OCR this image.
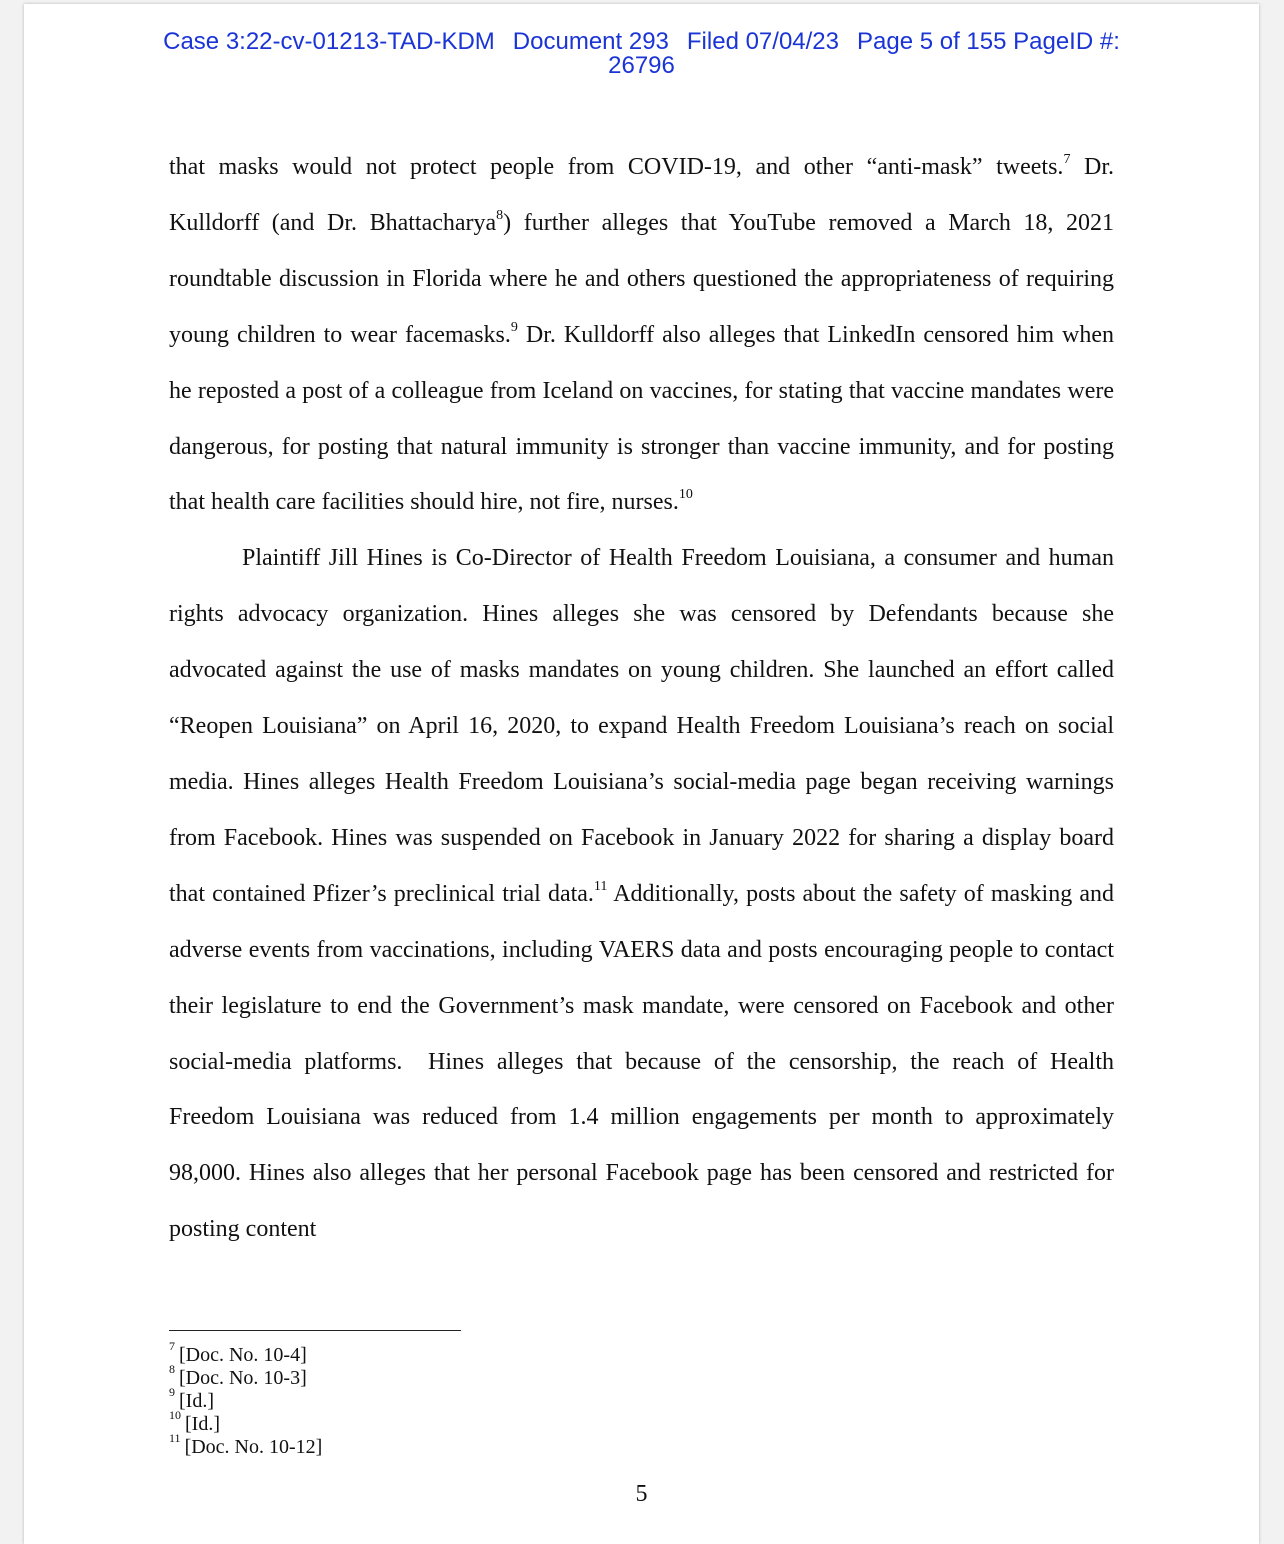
Case 3:22-cv-01213-TAD-KDM Document 293 Filed 07/04/23 Page 5 of 155 PageID #:
26796

that masks would not protect people from COVID-19, and other “anti-mask” tweets.$^7$ Dr. Kulldorff (and Dr. Bhattacharya$^8$) further alleges that YouTube removed a March 18, 2021 roundtable discussion in Florida where he and others questioned the appropriateness of requiring young children to wear facemasks.$^9$ Dr. Kulldorff also alleges that LinkedIn censored him when he reposted a post of a colleague from Iceland on vaccines, for stating that vaccine mandates were dangerous, for posting that natural immunity is stronger than vaccine immunity, and for posting that health care facilities should hire, not fire, nurses.$^{10}$

Plaintiff Jill Hines is Co-Director of Health Freedom Louisiana, a consumer and human rights advocacy organization. Hines alleges she was censored by Defendants because she advocated against the use of masks mandates on young children. She launched an effort called “Reopen Louisiana” on April 16, 2020, to expand Health Freedom Louisiana’s reach on social media. Hines alleges Health Freedom Louisiana’s social-media page began receiving warnings from Facebook. Hines was suspended on Facebook in January 2022 for sharing a display board that contained Pfizer’s preclinical trial data.$^{11}$ Additionally, posts about the safety of masking and adverse events from vaccinations, including VAERS data and posts encouraging people to contact their legislature to end the Government’s mask mandate, were censored on Facebook and other social-media platforms.  Hines alleges that because of the censorship, the reach of Health Freedom Louisiana was reduced from 1.4 million engagements per month to approximately 98,000. Hines also alleges that her personal Facebook page has been censored and restricted for posting content

$^7$ [Doc. No. 10-4]
$^8$ [Doc. No. 10-3]
$^9$ [Id.]
$^{10}$ [Id.]
$^{11}$ [Doc. No. 10-12]
5
